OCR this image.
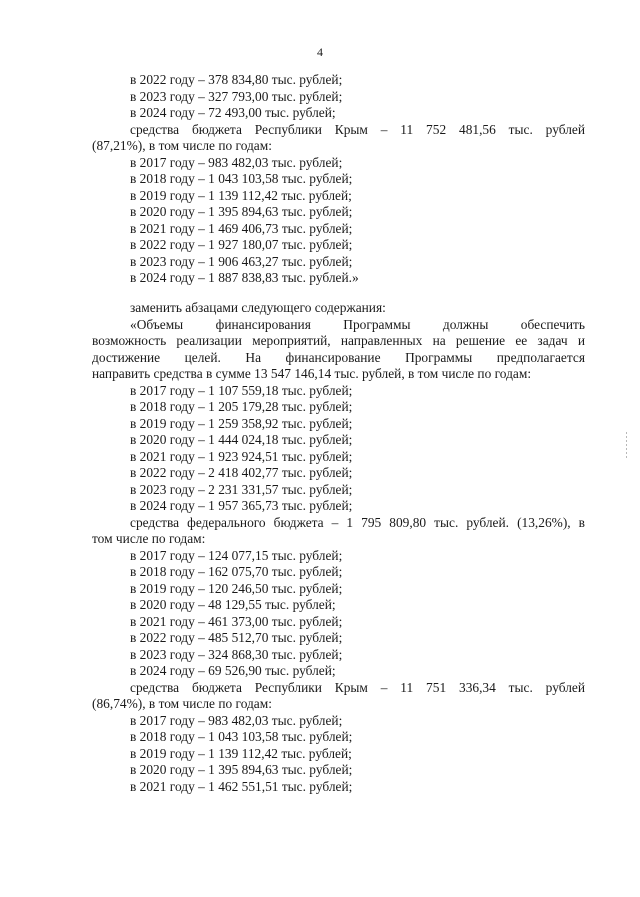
4
в 2022 году – 378 834,80 тыс. рублей;
в 2023 году – 327 793,00 тыс. рублей;
в 2024 году – 72 493,00 тыс. рублей;
средства бюджета Республики Крым – 11 752 481,56 тыс. рублей
(87,21%), в том числе по годам:
в 2017 году – 983 482,03 тыс. рублей;
в 2018 году – 1 043 103,58 тыс. рублей;
в 2019 году – 1 139 112,42 тыс. рублей;
в 2020 году – 1 395 894,63 тыс. рублей;
в 2021 году – 1 469 406,73 тыс. рублей;
в 2022 году – 1 927 180,07 тыс. рублей;
в 2023 году – 1 906 463,27 тыс. рублей;
в 2024 году – 1 887 838,83 тыс. рублей.»
заменить абзацами следующего содержания:
«Объемы финансирования Программы должны обеспечить
возможность реализации мероприятий, направленных на решение ее задач и
достижение целей. На финансирование Программы предполагается
направить средства в сумме 13 547 146,14 тыс. рублей, в том числе по годам:
в 2017 году – 1 107 559,18 тыс. рублей;
в 2018 году – 1 205 179,28 тыс. рублей;
в 2019 году – 1 259 358,92 тыс. рублей;
в 2020 году – 1 444 024,18 тыс. рублей;
в 2021 году – 1 923 924,51 тыс. рублей;
в 2022 году – 2 418 402,77 тыс. рублей;
в 2023 году – 2 231 331,57 тыс. рублей;
в 2024 году – 1 957 365,73 тыс. рублей;
средства федерального бюджета – 1 795 809,80 тыс. рублей. (13,26%), в
том числе по годам:
в 2017 году – 124 077,15 тыс. рублей;
в 2018 году – 162 075,70 тыс. рублей;
в 2019 году – 120 246,50 тыс. рублей;
в 2020 году – 48 129,55 тыс. рублей;
в 2021 году – 461 373,00 тыс. рублей;
в 2022 году – 485 512,70 тыс. рублей;
в 2023 году – 324 868,30 тыс. рублей;
в 2024 году – 69 526,90 тыс. рублей;
средства бюджета Республики Крым – 11 751 336,34 тыс. рублей
(86,74%), в том числе по годам:
в 2017 году – 983 482,03 тыс. рублей;
в 2018 году – 1 043 103,58 тыс. рублей;
в 2019 году – 1 139 112,42 тыс. рублей;
в 2020 году – 1 395 894,63 тыс. рублей;
в 2021 году – 1 462 551,51 тыс. рублей;
